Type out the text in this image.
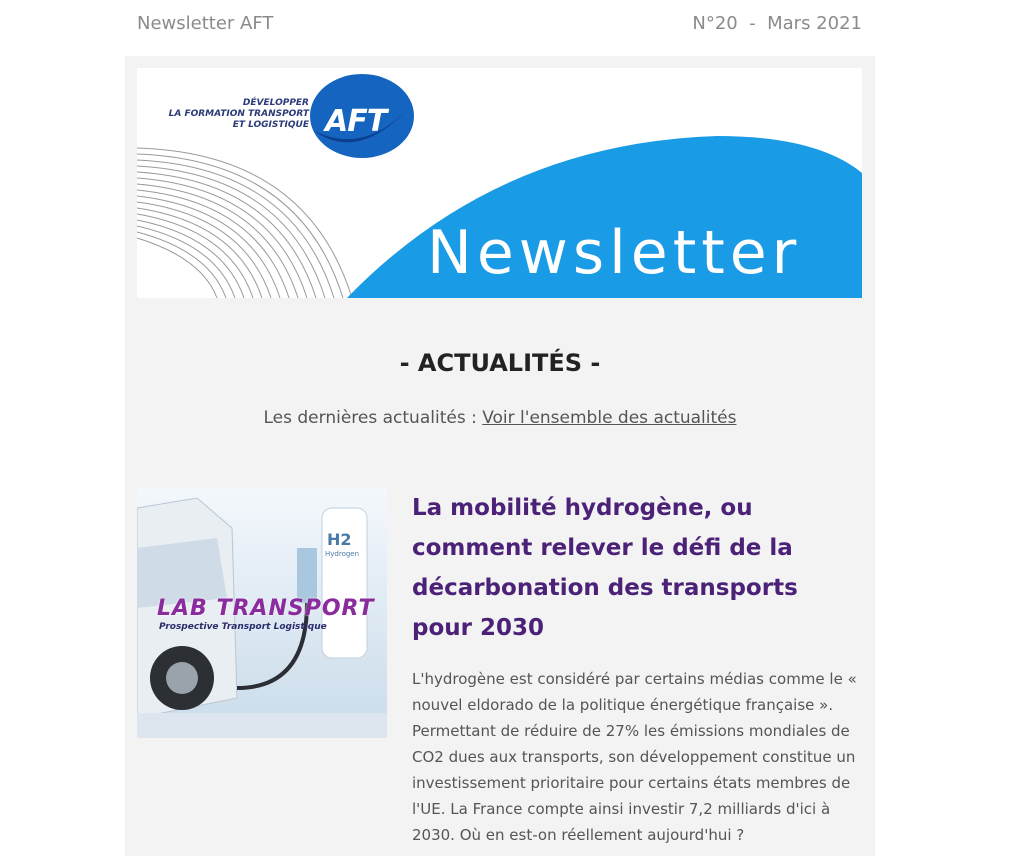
Newsletter AFT	N°20  -  Mars 2021
DÉVELOPPER
LA FORMATION TRANSPORT
ET LOGISTIQUE AFT
Newsletter
- ACTUALITÉS -
Les dernières actualités : Voir l'ensemble des actualités
H2
Hydrogen
LAB TRANSPORT
Prospective Transport Logistique
La mobilité hydrogène, ou comment relever le défi de la décarbonation des transports pour 2030
L'hydrogène est considéré par certains médias comme le « nouvel eldorado de la politique énergétique française ». Permettant de réduire de 27% les émissions mondiales de CO2 dues aux transports, son développement constitue un investissement prioritaire pour certains états membres de l'UE. La France compte ainsi investir 7,2 milliards d'ici à 2030. Où en est-on réellement aujourd'hui ?
